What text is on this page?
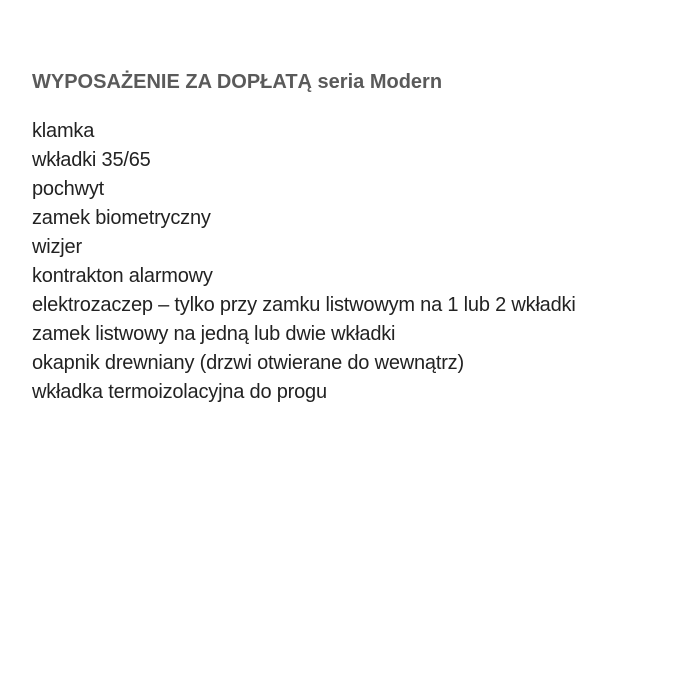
WYPOSAŻENIE ZA DOPŁATĄ seria Modern
klamka
wkładki 35/65
pochwyt
zamek biometryczny
wizjer
kontrakton alarmowy
elektrozaczep – tylko przy zamku listwowym na 1 lub 2 wkładki
zamek listwowy na jedną lub dwie wkładki
okapnik drewniany (drzwi otwierane do wewnątrz)
wkładka termoizolacyjna do progu
